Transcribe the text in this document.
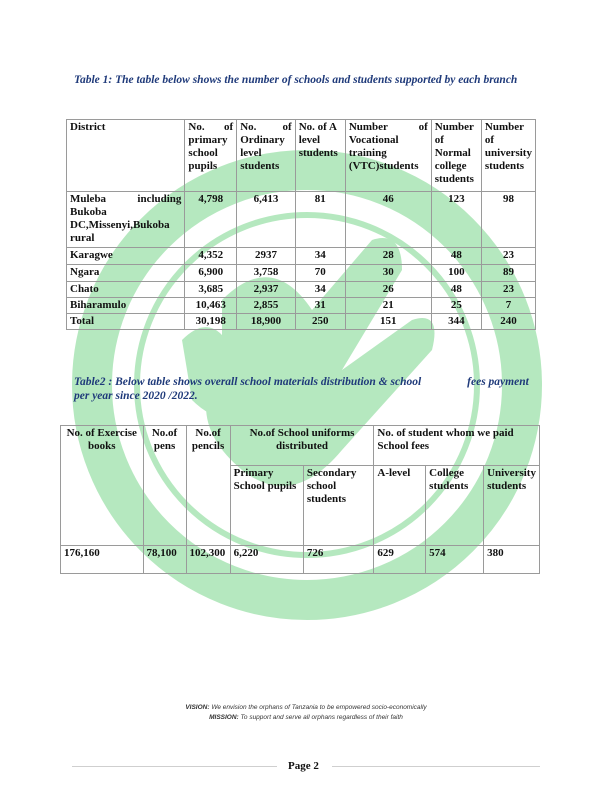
Table 1: The table below shows the number of schools and students supported by each branch
District	No. of primary school pupils	No. of Ordinary level students	No. of A level students	Number of Vocational training (VTC)students	Number of Normal college students	Number of university students
Muleba including Bukoba DC,Missenyi,Bukoba rural	4,798	6,413	81	46	123	98
Karagwe	4,352	2937	34	28	48	23
Ngara	6,900	3,758	70	30	100	89
Chato	3,685	2,937	34	26	48	23
Biharamulo	10,463	2,855	31	21	25	7
Total	30,198	18,900	250	151	344	240
Table2 : Below table shows overall school materials distribution & school                fees payment per year since 2020 /2022.
No. of Exercise books	No.of pens	No.of pencils	No.of School uniforms distributed		No. of student whom we paid School fees		
			Primary School pupils	Secondary school students	A-level	College students	University students
176,160	78,100	102,300	6,220	726	629	574	380
VISION: We envision the orphans of Tanzania to be empowered socio-economically
MISSION: To support and serve all orphans regardless of their faith
Page 2
